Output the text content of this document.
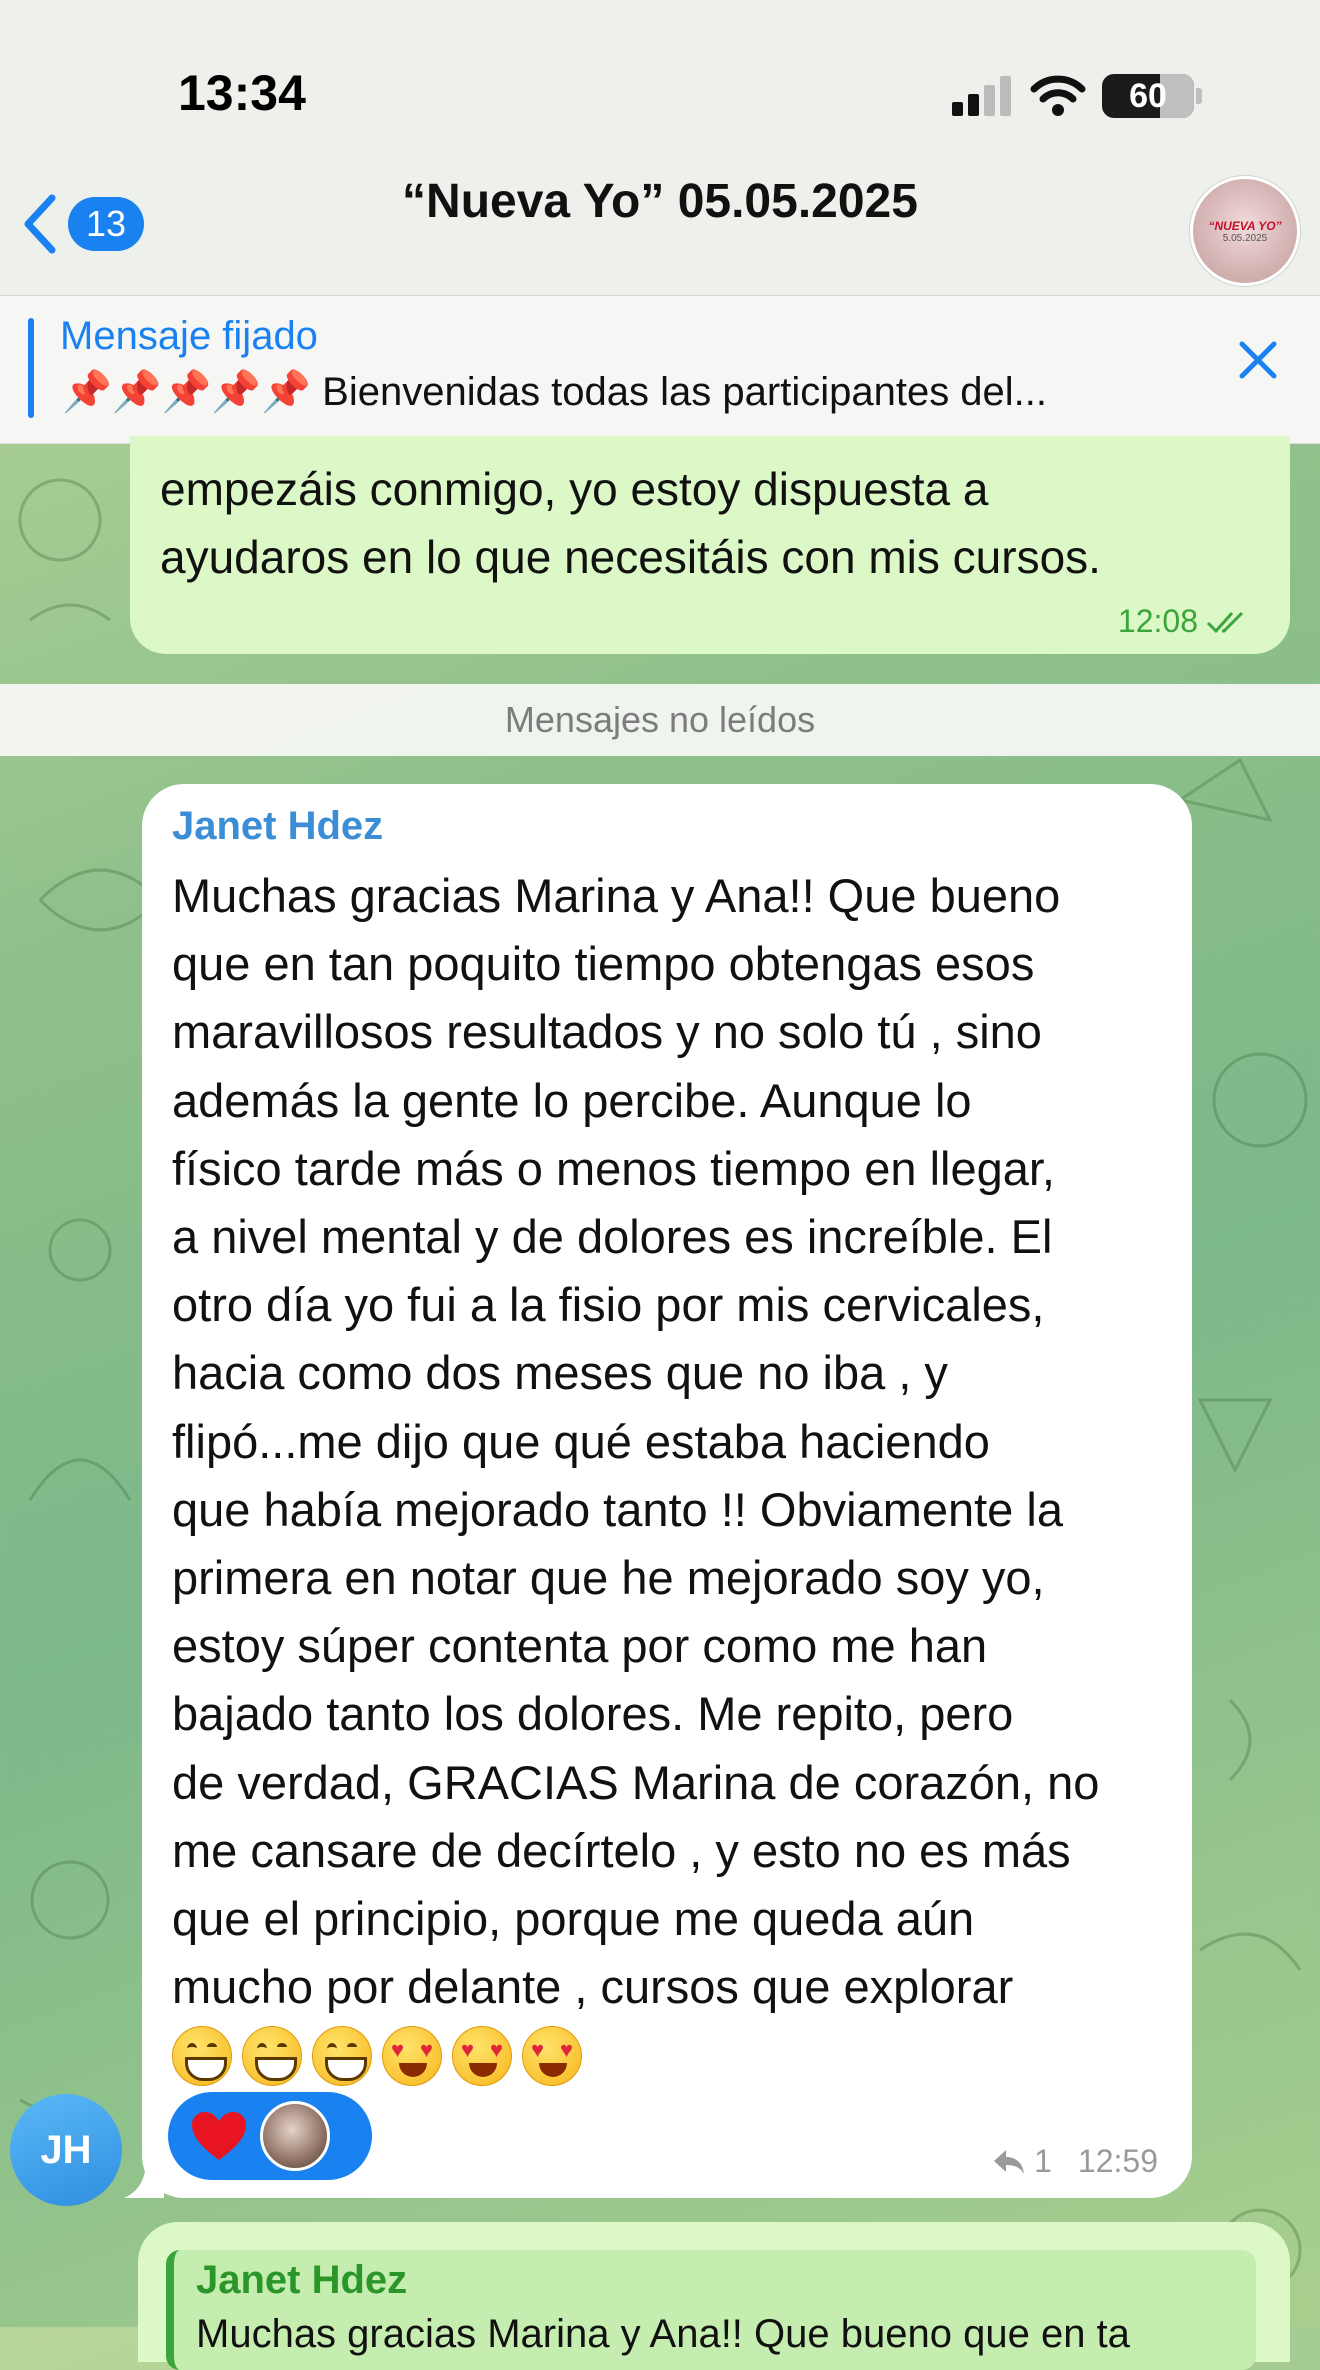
13:34	60
13	“Nueva Yo” 05.05.2025	“NUEVA YO”
5.05.2025
Mensaje fijado
📌📌📌📌📌 Bienvenidas todas las participantes del...
empezáis conmigo, yo estoy dispuesta a
ayudaros en lo que necesitáis con mis cursos.
12:08
Mensajes no leídos
Janet Hdez
Muchas gracias Marina y Ana!! Que bueno
que en tan poquito tiempo obtengas esos
maravillosos resultados y no solo tú , sino
además la gente lo percibe. Aunque lo
físico tarde más o menos tiempo en llegar,
a nivel mental y de dolores es increíble. El
otro día yo fui a la fisio por mis cervicales,
hacia como dos meses que no iba , y
flipó...me dijo que qué estaba haciendo
que había mejorado tanto !! Obviamente la
primera en notar que he mejorado soy yo,
estoy súper contenta por como me han
bajado tanto los dolores. Me repito, pero
de verdad, GRACIAS Marina de corazón, no
me cansare de decírtelo , y esto no es más
que el principio, porque me queda aún
mucho por delante , cursos que explorar
♥ ♥ ♥ ♥ ♥ ♥
1 12:59
JH
Janet Hdez
Muchas gracias Marina y Ana!! Que bueno que en ta
